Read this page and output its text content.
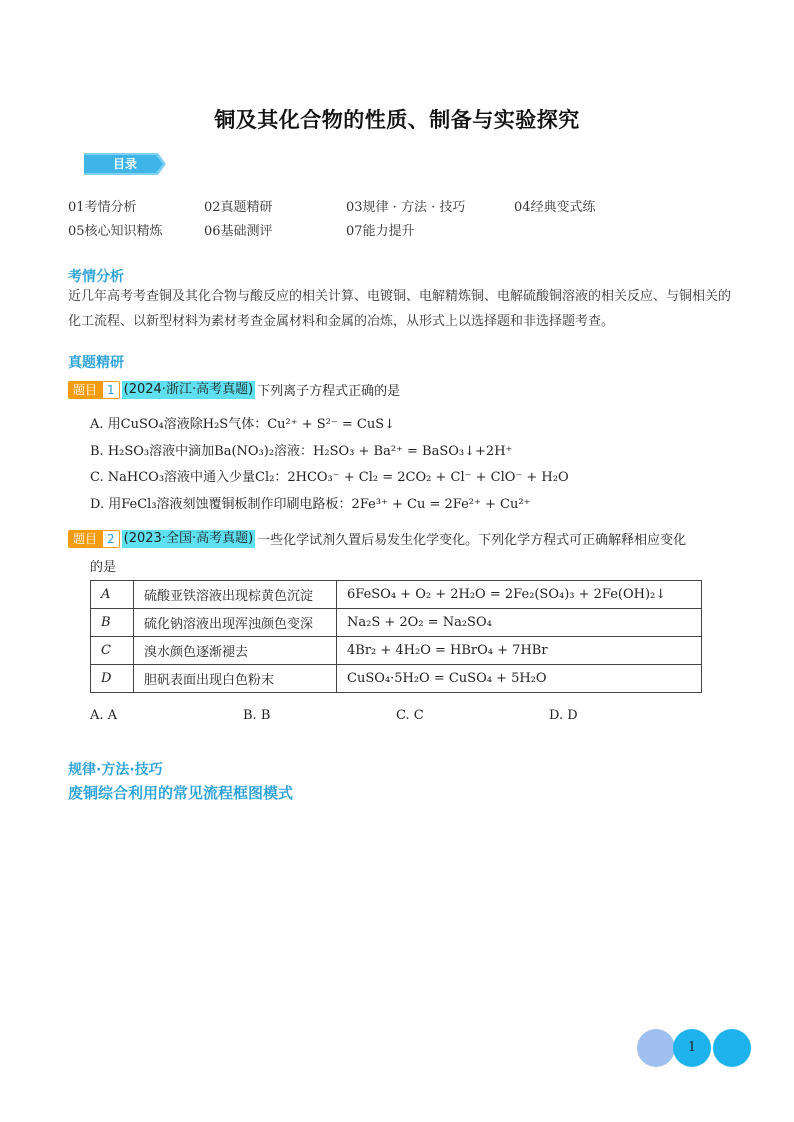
铜及其化合物的性质、制备与实验探究
目录
01考情分析	02真题精研	03规律 · 方法 · 技巧	04经典变式练
05核心知识精炼	06基础测评	07能力提升
考情分析
近几年高考考查铜及其化合物与酸反应的相关计算、电镀铜、电解精炼铜、电解硫酸铜溶液的相关反应、与铜相关的化工流程、以新型材料为素材考查金属材料和金属的冶炼，从形式上以选择题和非选择题考查。
真题精研
题目 1 (2024·浙江·高考真题) 下列离子方程式正确的是
A. 用CuSO₄溶液除H₂S气体：Cu²⁺ + S²⁻ = CuS↓
B. H₂SO₃溶液中滴加Ba(NO₃)₂溶液：H₂SO₃ + Ba²⁺ = BaSO₃↓+2H⁺
C. NaHCO₃溶液中通入少量Cl₂：2HCO₃⁻ + Cl₂ = 2CO₂ + Cl⁻ + ClO⁻ + H₂O
D. 用FeCl₃溶液刻蚀覆铜板制作印刷电路板：2Fe³⁺ + Cu = 2Fe²⁺ + Cu²⁺
题目 2 (2023·全国·高考真题) 一些化学试剂久置后易发生化学变化。下列化学方程式可正确解释相应变化
的是
A	硫酸亚铁溶液出现棕黄色沉淀	6FeSO₄ + O₂ + 2H₂O = 2Fe₂(SO₄)₃ + 2Fe(OH)₂↓
B	硫化钠溶液出现浑浊颜色变深	Na₂S + 2O₂ = Na₂SO₄
C	溴水颜色逐渐褪去	4Br₂ + 4H₂O = HBrO₄ + 7HBr
D	胆矾表面出现白色粉末	CuSO₄·5H₂O = CuSO₄ + 5H₂O
A. A	B. B	C. C	D. D
规律·方法·技巧
废铜综合利用的常见流程框图模式
1
